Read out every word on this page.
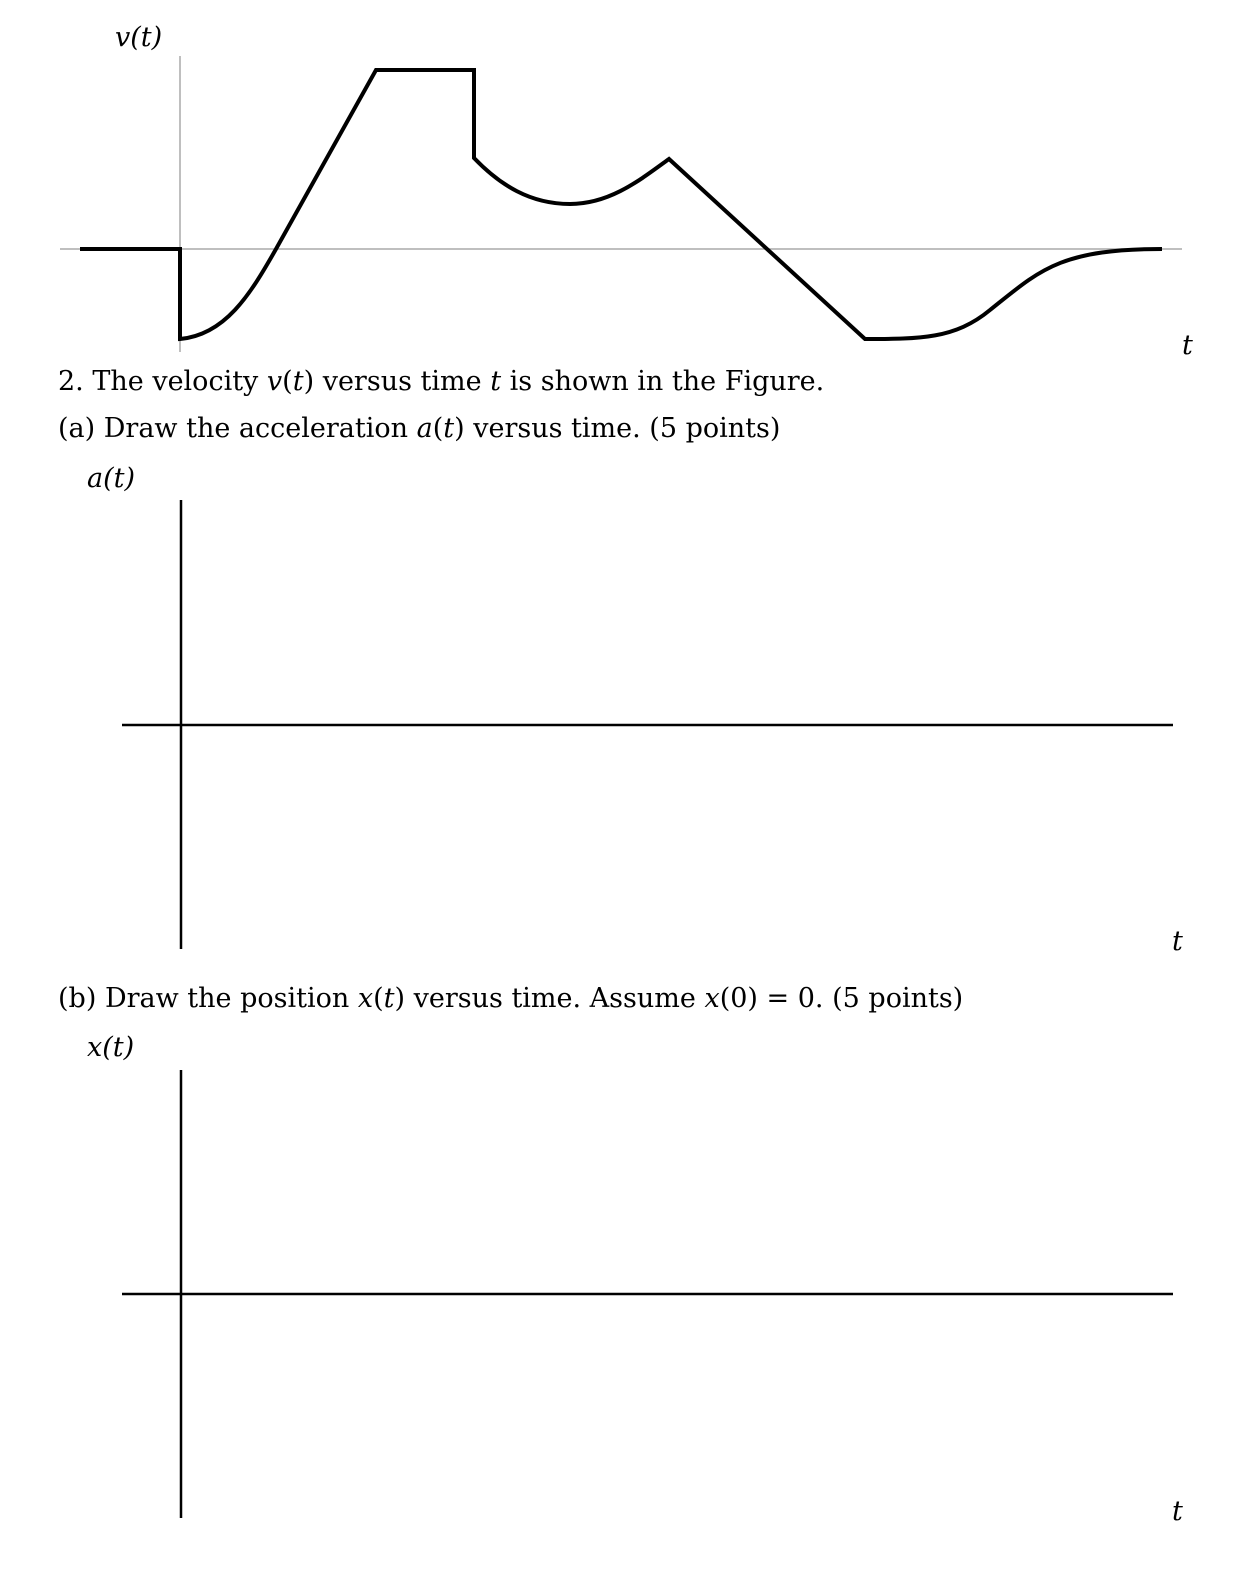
v(t)
t
a(t)
t
x(t)
t
2. The velocity v(t) versus time t is shown in the Figure.
(a) Draw the acceleration a(t) versus time. (5 points)
(b) Draw the position x(t) versus time. Assume x(0) = 0. (5 points)
